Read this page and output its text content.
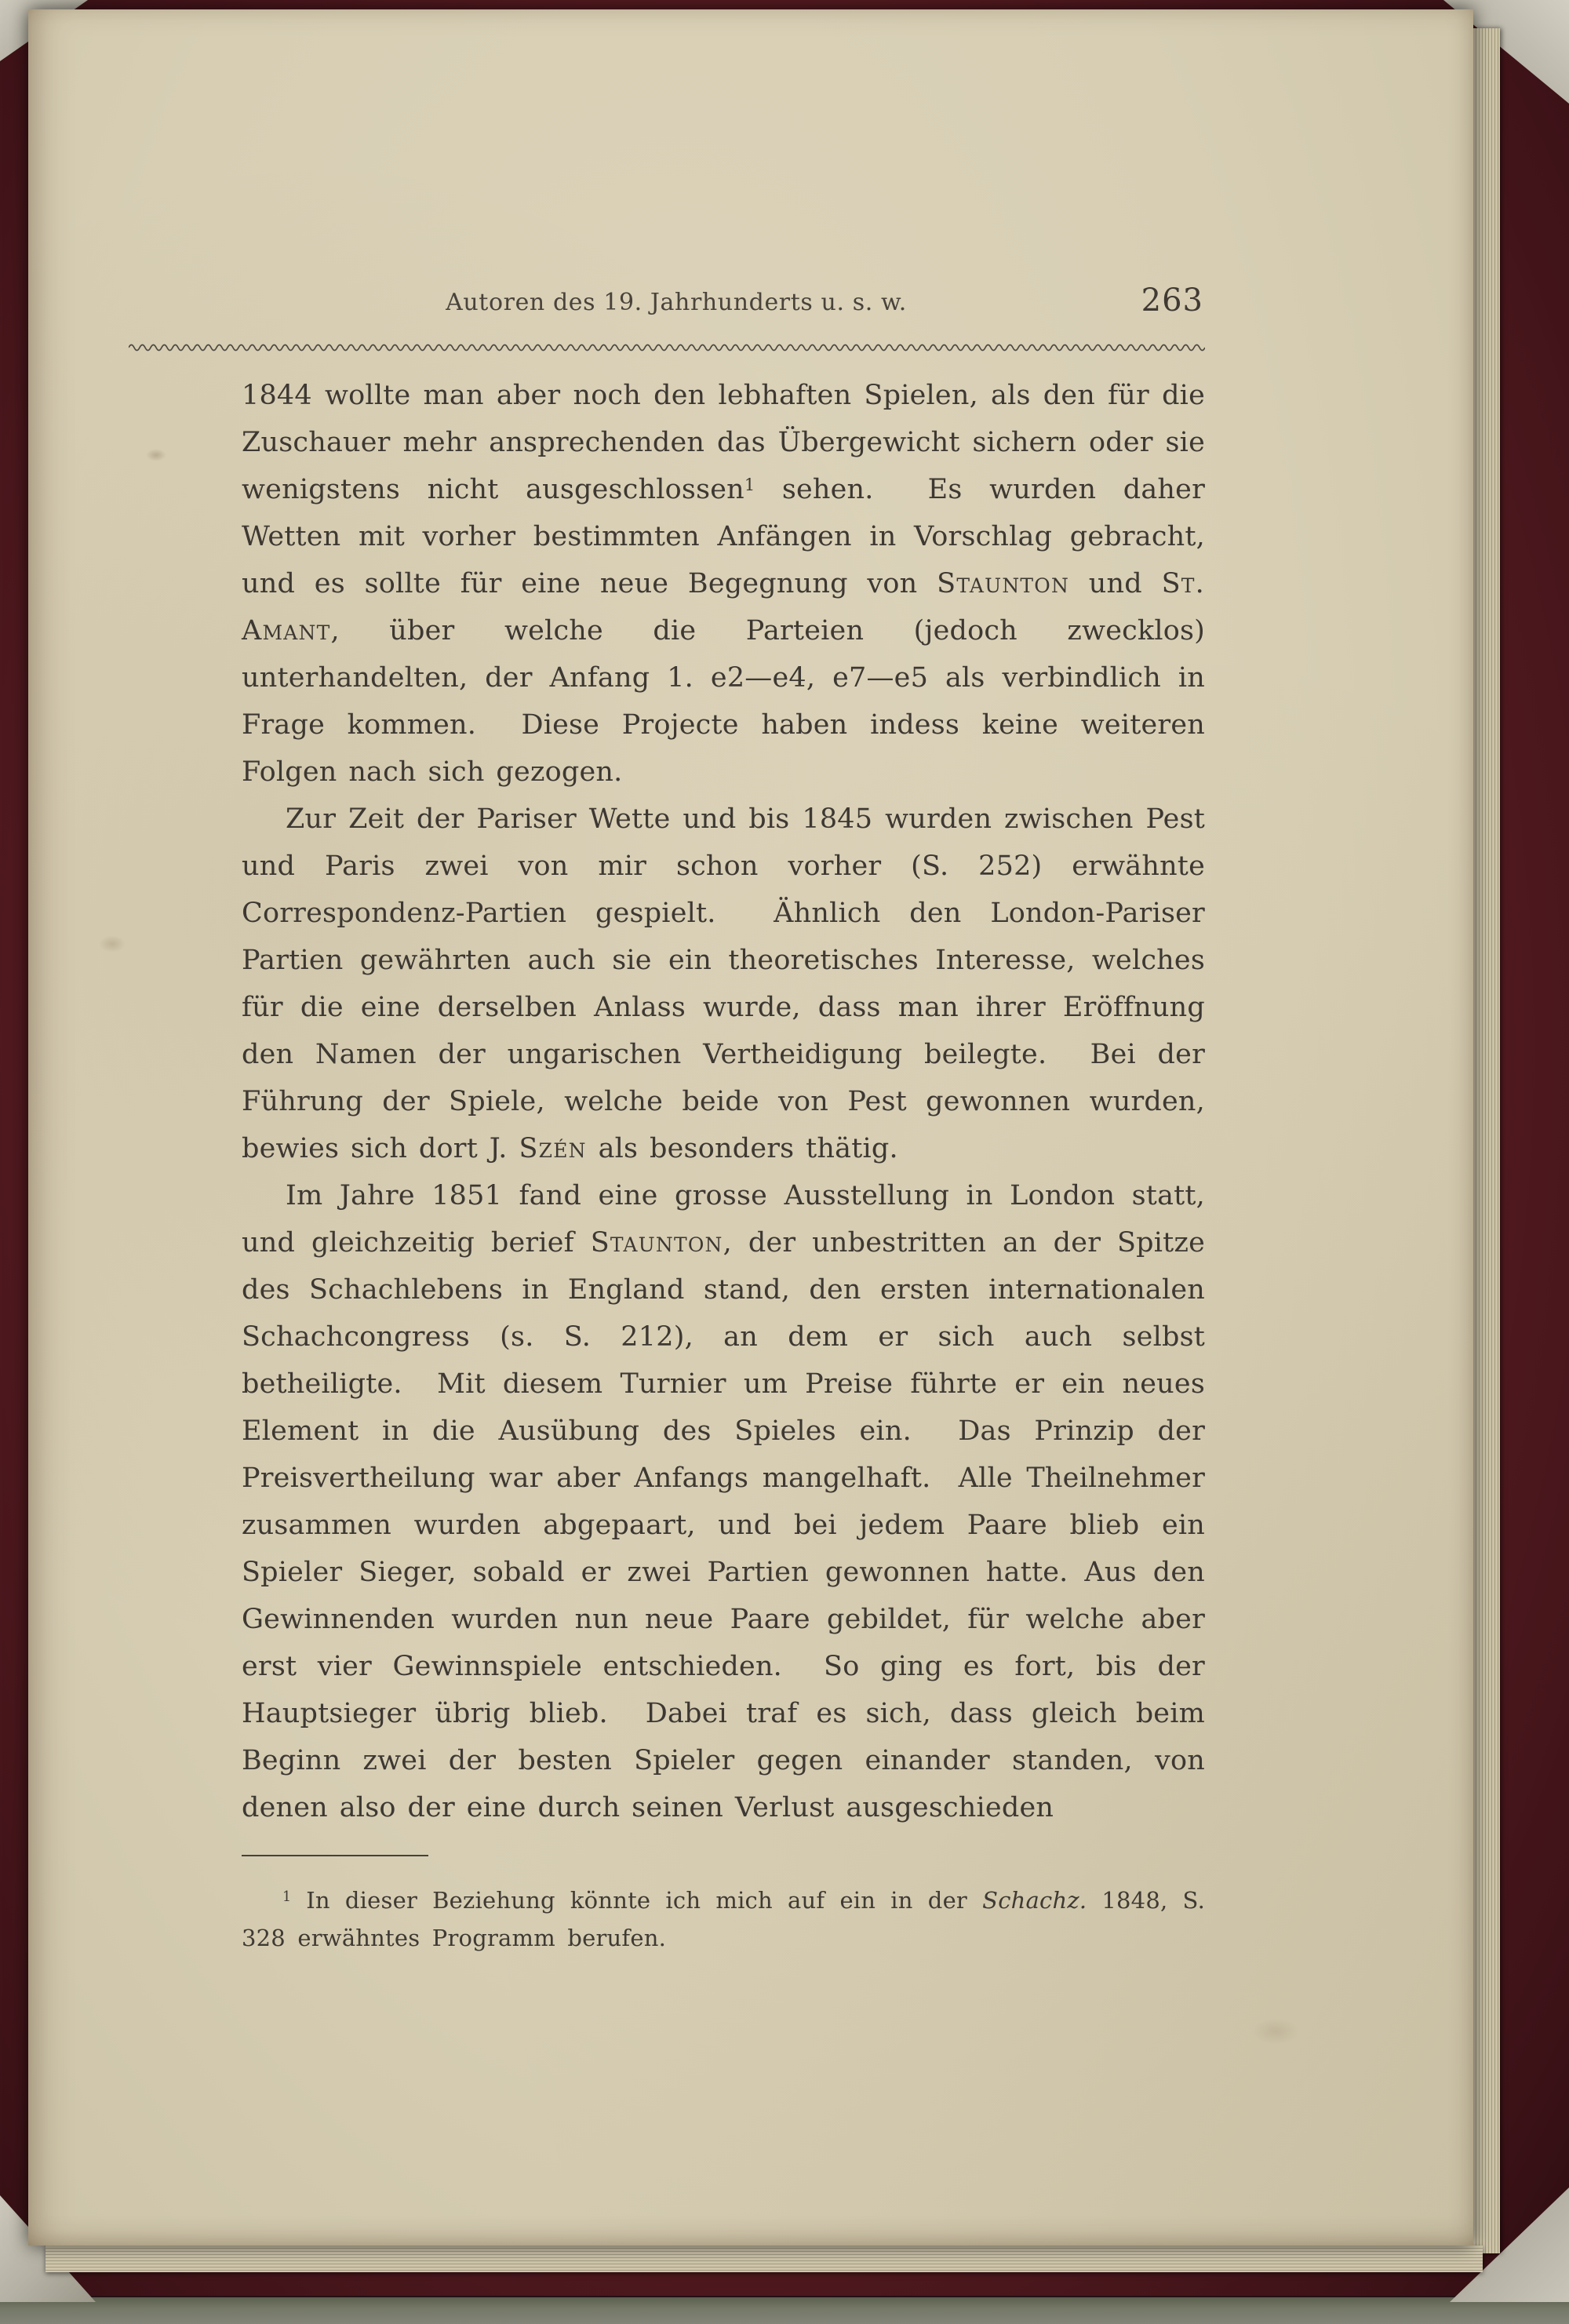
Autoren des 19. Jahrhunderts u. s. w.	263

1844 wollte man aber noch den lebhaften Spielen, als den für die Zuschauer mehr ansprechenden das Übergewicht sichern oder sie wenigstens nicht ausgeschlossen$^1$ sehen.  Es wurden daher Wetten mit vorher bestimmten Anfängen in Vorschlag gebracht, und es sollte für eine neue Begegnung von Staunton und St. Amant, über welche die Parteien (jedoch zwecklos) unterhandelten, der Anfang 1. e2—e4, e7—e5 als verbindlich in Frage kommen.  Diese Projecte haben indess keine weiteren Folgen nach sich gezogen.

Zur Zeit der Pariser Wette und bis 1845 wurden zwischen Pest und Paris zwei von mir schon vorher (S. 252) erwähnte Correspondenz-Partien gespielt.  Ähnlich den London-Pariser Partien gewährten auch sie ein theoretisches Interesse, welches für die eine derselben Anlass wurde, dass man ihrer Eröffnung den Namen der ungarischen Vertheidigung beilegte.  Bei der Führung der Spiele, welche beide von Pest gewonnen wurden, bewies sich dort J. Szén als besonders thätig.

Im Jahre 1851 fand eine grosse Ausstellung in London statt, und gleichzeitig berief Staunton, der unbestritten an der Spitze des Schachlebens in England stand, den ersten internationalen Schachcongress (s. S. 212), an dem er sich auch selbst betheiligte.  Mit diesem Turnier um Preise führte er ein neues Element in die Ausübung des Spieles ein.  Das Prinzip der Preisvertheilung war aber Anfangs mangelhaft.  Alle Theilnehmer zusammen wurden abgepaart, und bei jedem Paare blieb ein Spieler Sieger, sobald er zwei Partien gewonnen hatte. Aus den Gewinnenden wurden nun neue Paare gebildet, für welche aber erst vier Gewinnspiele entschieden.  So ging es fort, bis der Hauptsieger übrig blieb.  Dabei traf es sich, dass gleich beim Beginn zwei der besten Spieler gegen einander standen, von denen also der eine durch seinen Verlust ausgeschieden

$^1$ In dieser Beziehung könnte ich mich auf ein in der Schachz. 1848, S. 328 erwähntes Programm berufen.
